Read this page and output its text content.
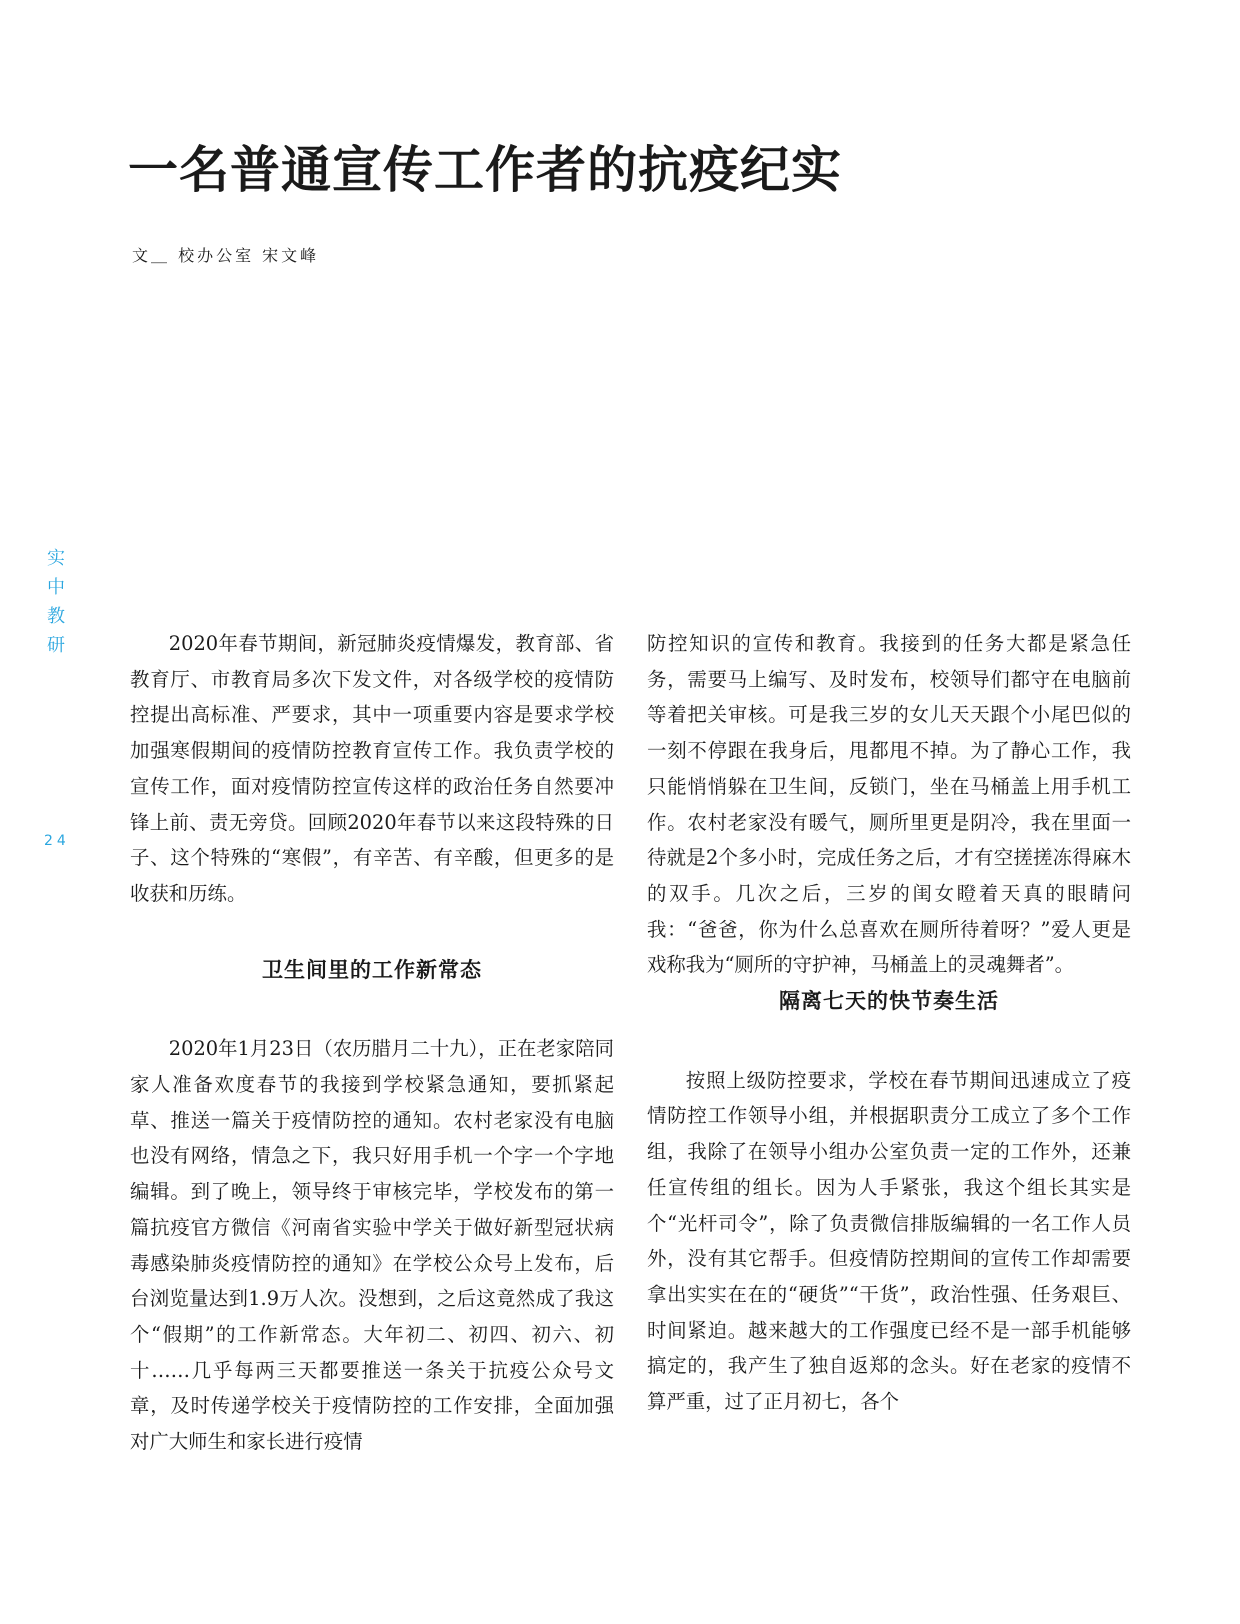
一名普通宣传工作者的抗疫纪实
文＿ 校办公室 宋文峰
实
中
教
研
24

2020年春节期间，新冠肺炎疫情爆发，教育部、省教育厅、市教育局多次下发文件，对各级学校的疫情防控提出高标准、严要求，其中一项重要内容是要求学校加强寒假期间的疫情防控教育宣传工作。我负责学校的宣传工作，面对疫情防控宣传这样的政治任务自然要冲锋上前、责无旁贷。回顾2020年春节以来这段特殊的日子、这个特殊的“寒假”，有辛苦、有辛酸，但更多的是收获和历练。

卫生间里的工作新常态

2020年1月23日（农历腊月二十九），正在老家陪同家人准备欢度春节的我接到学校紧急通知，要抓紧起草、推送一篇关于疫情防控的通知。农村老家没有电脑也没有网络，情急之下，我只好用手机一个字一个字地编辑。到了晚上，领导终于审核完毕，学校发布的第一篇抗疫官方微信《河南省实验中学关于做好新型冠状病毒感染肺炎疫情防控的通知》在学校公众号上发布，后台浏览量达到1.9万人次。没想到，之后这竟然成了我这个“假期”的工作新常态。大年初二、初四、初六、初十……几乎每两三天都要推送一条关于抗疫公众号文章，及时传递学校关于疫情防控的工作安排，全面加强对广大师生和家长进行疫情

防控知识的宣传和教育。我接到的任务大都是紧急任务，需要马上编写、及时发布，校领导们都守在电脑前等着把关审核。可是我三岁的女儿天天跟个小尾巴似的一刻不停跟在我身后，甩都甩不掉。为了静心工作，我只能悄悄躲在卫生间，反锁门，坐在马桶盖上用手机工作。农村老家没有暖气，厕所里更是阴冷，我在里面一待就是2个多小时，完成任务之后，才有空搓搓冻得麻木的双手。几次之后，三岁的闺女瞪着天真的眼睛问我：“爸爸，你为什么总喜欢在厕所待着呀？”爱人更是戏称我为“厕所的守护神，马桶盖上的灵魂舞者”。

隔离七天的快节奏生活

按照上级防控要求，学校在春节期间迅速成立了疫情防控工作领导小组，并根据职责分工成立了多个工作组，我除了在领导小组办公室负责一定的工作外，还兼任宣传组的组长。因为人手紧张，我这个组长其实是个“光杆司令”，除了负责微信排版编辑的一名工作人员外，没有其它帮手。但疫情防控期间的宣传工作却需要拿出实实在在的“硬货”“干货”，政治性强、任务艰巨、时间紧迫。越来越大的工作强度已经不是一部手机能够搞定的，我产生了独自返郑的念头。好在老家的疫情不算严重，过了正月初七，各个
